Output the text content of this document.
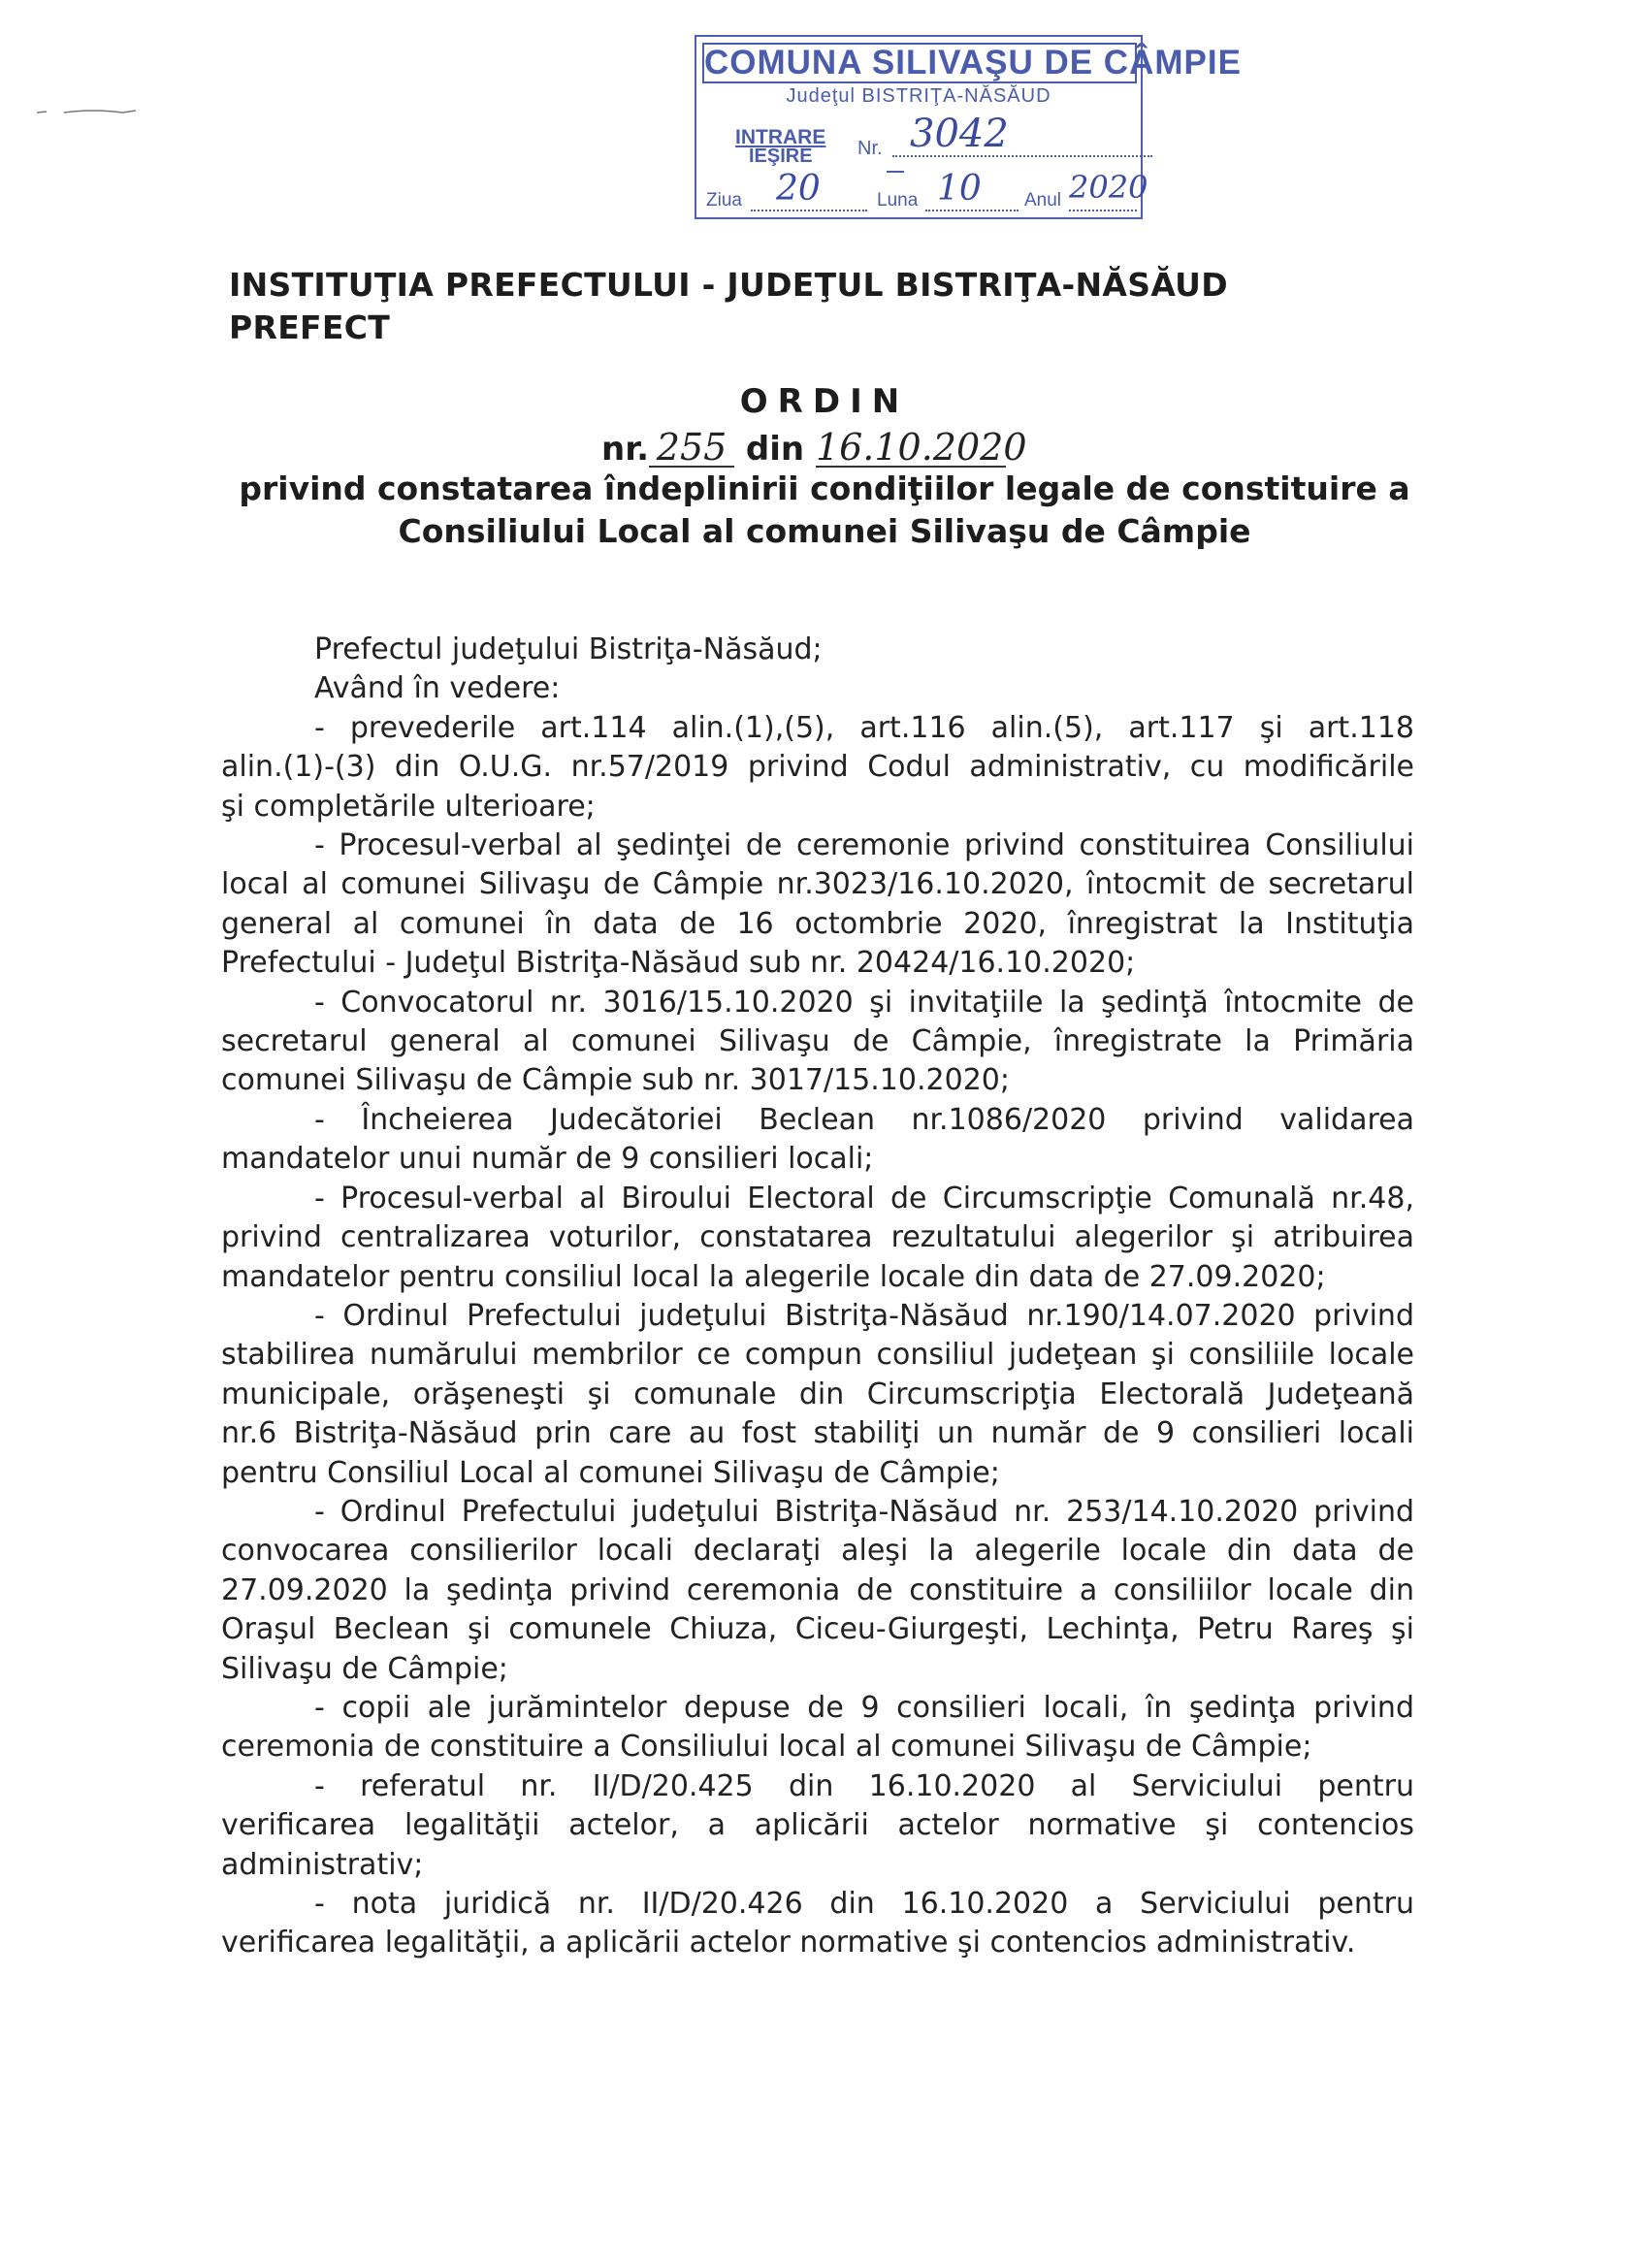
COMUNA SILIVAŞU DE CÂMPIE
Judeţul BISTRIŢA-NĂSĂUD
INTRARE
IEŞIRE Nr. 3042
Ziua 20	Luna 10 Anul 2020
INSTITUŢIA PREFECTULUI - JUDEŢUL BISTRIŢA-NĂSĂUD
PREFECT
ORDIN
nr. 255 din 16.10.2020
privind constatarea îndeplinirii condiţiilor legale de constituire a
Consiliului Local al comunei Silivaşu de Câmpie
Prefectul judeţului Bistriţa-Năsăud;
Având în vedere:
- prevederile art.114 alin.(1),(5), art.116 alin.(5), art.117 şi art.118
alin.(1)-(3) din O.U.G. nr.57/2019 privind Codul administrativ, cu modificările
şi completările ulterioare;
- Procesul-verbal al şedinţei de ceremonie privind constituirea Consiliului
local al comunei Silivaşu de Câmpie nr.3023/16.10.2020, întocmit de secretarul
general al comunei în data de 16 octombrie 2020, înregistrat la Instituţia
Prefectului - Judeţul Bistriţa-Năsăud sub nr. 20424/16.10.2020;
- Convocatorul nr. 3016/15.10.2020 şi invitaţiile la şedinţă întocmite de
secretarul general al comunei Silivaşu de Câmpie, înregistrate la Primăria
comunei Silivaşu de Câmpie sub nr. 3017/15.10.2020;
- Încheierea Judecătoriei Beclean nr.1086/2020 privind validarea
mandatelor unui număr de 9 consilieri locali;
- Procesul-verbal al Biroului Electoral de Circumscripţie Comunală nr.48,
privind centralizarea voturilor, constatarea rezultatului alegerilor şi atribuirea
mandatelor pentru consiliul local la alegerile locale din data de 27.09.2020;
- Ordinul Prefectului judeţului Bistriţa-Năsăud nr.190/14.07.2020 privind
stabilirea numărului membrilor ce compun consiliul judeţean şi consiliile locale
municipale, orăşeneşti şi comunale din Circumscripţia Electorală Judeţeană
nr.6 Bistriţa-Năsăud prin care au fost stabiliţi un număr de 9 consilieri locali
pentru Consiliul Local al comunei Silivaşu de Câmpie;
- Ordinul Prefectului judeţului Bistriţa-Năsăud nr. 253/14.10.2020 privind
convocarea consilierilor locali declaraţi aleşi la alegerile locale din data de
27.09.2020 la şedinţa privind ceremonia de constituire a consiliilor locale din
Oraşul Beclean şi comunele Chiuza, Ciceu-Giurgeşti, Lechinţa, Petru Rareş şi
Silivaşu de Câmpie;
- copii ale jurămintelor depuse de 9 consilieri locali, în şedinţa privind
ceremonia de constituire a Consiliului local al comunei Silivaşu de Câmpie;
- referatul nr. II/D/20.425 din 16.10.2020 al Serviciului pentru
verificarea legalităţii actelor, a aplicării actelor normative şi contencios
administrativ;
- nota juridică nr. II/D/20.426 din 16.10.2020 a Serviciului pentru
verificarea legalităţii, a aplicării actelor normative şi contencios administrativ.
